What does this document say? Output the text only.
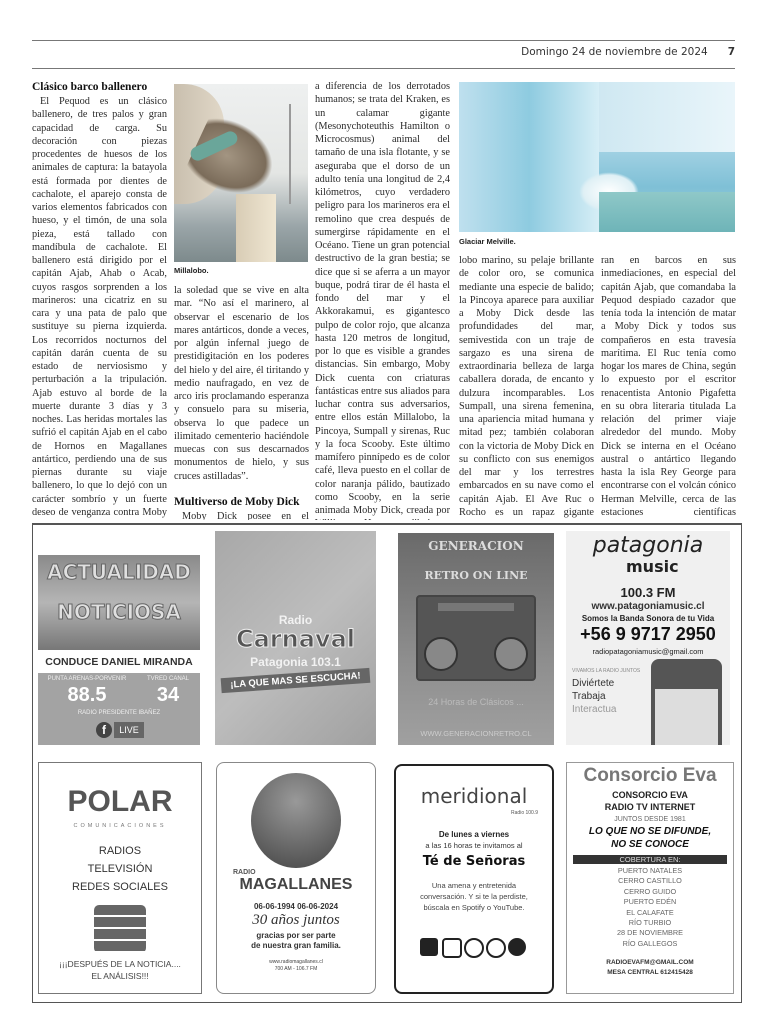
Domingo 24 de noviembre de 2024 7
Clásico barco ballenero

El Pequod es un clásico ballenero, de tres palos y gran capacidad de carga. Su decoración con piezas procedentes de huesos de los animales de captura: la batayola está formada por dientes de cachalote, el aparejo consta de varios elementos fabricados con hueso, y el timón, de una sola pieza, está tallado con mandíbula de cachalote. El ballenero está dirigido por el capitán Ajab, Ahab o Acab, cuyos rasgos sorprenden a los marineros: una cicatriz en su cara y una pata de palo que sustituye su pierna izquierda. Los recorridos nocturnos del capitán darán cuenta de su estado de nerviosismo y perturbación a la tripulación. Ajab estuvo al borde de la muerte durante 3 días y 3 noches. Las heridas mortales las sufrió el capitán Ajab en el cabo de Hornos en Magallanes antártico, perdiendo una de sus piernas durante su viaje ballenero, lo que lo dejó con un carácter sombrío y un fuerte deseo de venganza contra Moby

Millalobo.

la soledad que se vive en alta mar. “No así el marinero, al observar el escenario de los mares antárticos, donde a veces, por algún infernal juego de prestidigitación en los poderes del hielo y del aire, él tiritando y medio naufragado, en vez de arco iris proclamando esperanza y consuelo para su miseria, observa lo que padece un ilimitado cementerio haciéndole muecas con sus descarnados monumentos de hielo, y sus cruces astilladas”.

Multiverso de Moby Dick

Moby Dick posee en el

a diferencia de los derrotados humanos; se trata del Kraken, es un calamar gigante (Mesonychoteuthis Hamilton o Microcosmus) animal del tamaño de una isla flotante, y se aseguraba que el dorso de un adulto tenía una longitud de 2,4 kilómetros, cuyo verdadero peligro para los marineros era el remolino que crea después de sumergirse rápidamente en el Océano. Tiene un gran potencial destructivo de la gran bestia; se dice que si se aferra a un mayor buque, podrá tirar de él hasta el fondo del mar y el Akkorakamui, es gigantesco pulpo de color rojo, que alcanza hasta 120 metros de longitud, por lo que es visible a grandes distancias. Sin embargo, Moby Dick cuenta con criaturas fantásticas entre sus aliados para luchar contra sus adversarios, entre ellos están Millalobo, la Pincoya, Sumpall y sirenas, Ruc y la foca Scooby. Este último mamífero pinnípedo es de color café, lleva puesto en el collar de color naranja pálido, bautizado como Scooby, en la serie animada Moby Dick, creada por

Glaciar Melville.

lobo marino, su pelaje brillante de color oro, se comunica mediante una especie de balido; la Pincoya aparece para auxiliar a Moby Dick desde las profundidades del mar, semivestida con un traje de sargazo es una sirena de extraordinaria belleza de larga caballera dorada, de encanto y dulzura incomparables. Los Sumpall, una sirena femenina, una apariencia mitad humana y mitad pez; también colaboran con la victoria de Moby Dick en su conflicto con sus enemigos del mar y los terrestres embarcados en su nave como el capitán Ajab. El Ave Ruc o Rocho es un rapaz gigante

ran en barcos en sus inmediaciones, en especial del capitán Ajab, que comandaba la Pequod despiado cazador que tenía toda la intención de matar a Moby Dick y todos sus compañeros en esta travesía marítima. El Ruc tenía como hogar los mares de China, según lo expuesto por el escritor renacentista Antonio Pigafetta en su obra literaria titulada La relación del primer viaje alrededor del mundo. Moby Dick se interna en el Océano austral o antártico llegando hasta la isla Rey George para encontrarse con el volcán cónico Herman Melville, cerca de las estaciones científicas

ACTUALIDAD
NOTICIOSA
CONDUCE DANIEL MIRANDA
PUNTA ARENAS-PORVENIR	TVRED CANAL
88.5	34
RADIO PRESIDENTE IBAÑEZ
f	LIVE
Radio
Carnaval
Patagonia 103.1
¡LA QUE MAS SE ESCUCHA!
GENERACION
RETRO ON LINE
24 Horas de Clásicos ...
WWW.GENERACIONRETRO.CL
patagonia
music
100.3 FM
www.patagoniamusic.cl
Somos la Banda Sonora de tu Vida
+56 9 9717 2950
radiopatagoniamusic@gmail.com
VIVAMOS LA RADIO JUNTOS
Diviértete
Trabaja
Interactua
POLAR
COMUNICACIONES
RADIOS
TELEVISIÓN
REDES SOCIALES
¡¡¡DESPUÉS DE LA NOTICIA....
EL ANÁLISIS!!!
RADIO
MAGALLANES
06-06-1994 06-06-2024
30 años juntos
gracias por ser parte
de nuestra gran familia.
www.radiomagallanes.cl
700 AM - 106.7 FM
meridional
Radio 100.9
De lunes a viernes
a las 16 horas te invitamos al
Té de Señoras
Una amena y entretenida
conversación. Y si te la perdiste,
búscala en Spotify o YouTube.
Consorcio Eva
CONSORCIO EVA
RADIO TV INTERNET
JUNTOS DESDE 1981
LO QUE NO SE DIFUNDE,
NO SE CONOCE
COBERTURA EN:
PUERTO NATALES
CERRO CASTILLO
CERRO GUIDO
PUERTO EDÉN
EL CALAFATE
RÍO TURBIO
28 DE NOVIEMBRE
RÍO GALLEGOS
RADIOEVAFM@GMAIL.COM
MESA CENTRAL 612415428
